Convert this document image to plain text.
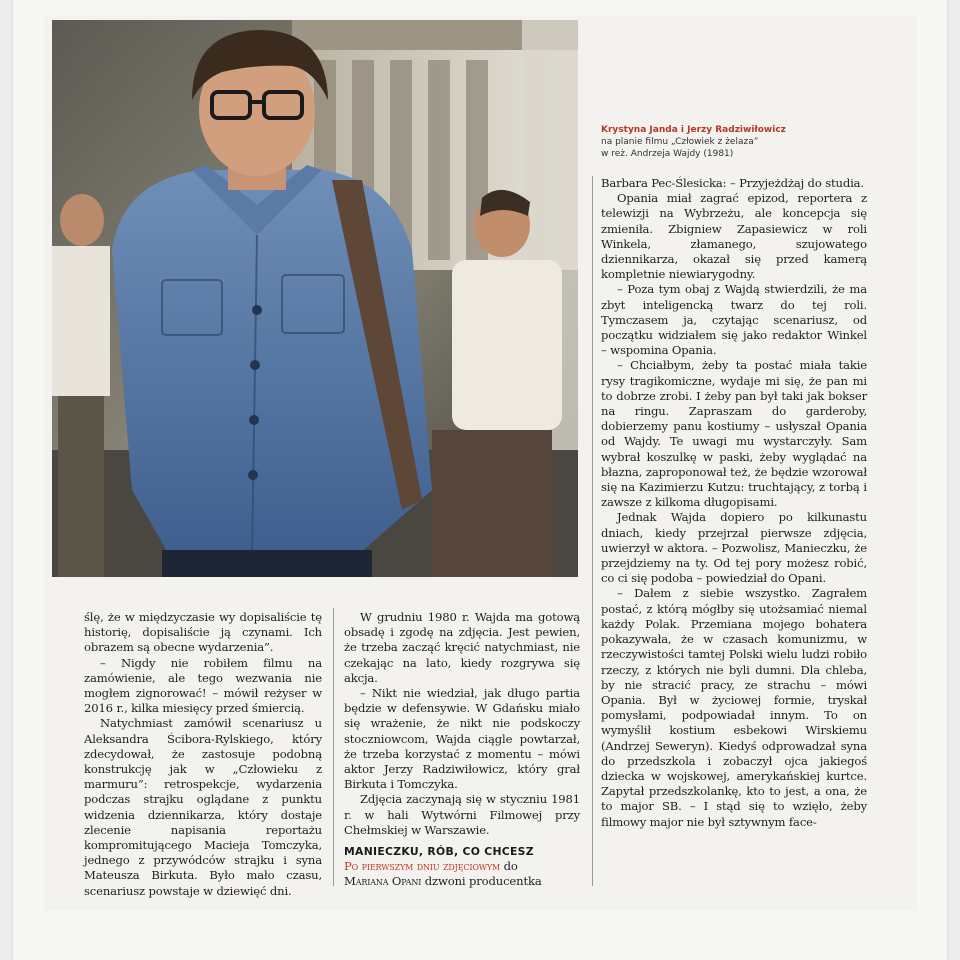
Krystyna Janda i Jerzy Radziwiłowicz
na planie filmu „Człowiek z żelaza”
w reż. Andrzeja Wajdy (1981)

ślę, że w międzyczasie wy dopisaliście tę historię, dopisaliście ją czynami. Ich obrazem są obecne wydarzenia”.

– Nigdy nie robiłem filmu na zamówienie, ale tego wezwania nie mogłem zignorować! – mówił reżyser w 2016 r., kilka miesięcy przed śmiercią.

Natychmiast zamówił scenariusz u Aleksandra Ścibora-Rylskiego, który zdecydował, że zastosuje podobną konstrukcję jak w „Człowieku z marmuru”: retrospekcje, wydarzenia podczas strajku oglądane z punktu widzenia dziennikarza, który dostaje zlecenie napisania reportażu kompromitującego Macieja Tomczyka, jednego z przywódców strajku i syna Mateusza Birkuta. Było mało czasu, scenariusz powstaje w dziewięć dni.

W grudniu 1980 r. Wajda ma gotową obsadę i zgodę na zdjęcia. Jest pewien, że trzeba zacząć kręcić natychmiast, nie czekając na lato, kiedy rozgrywa się akcja.

– Nikt nie wiedział, jak długo partia będzie w defensywie. W Gdańsku miało się wrażenie, że nikt nie podskoczy stoczniowcom, Wajda ciągle powtarzał, że trzeba korzystać z momentu – mówi aktor Jerzy Radziwiłowicz, który grał Birkuta i Tomczyka.

Zdjęcia zaczynają się w styczniu 1981 r. w hali Wytwórni Filmowej przy Chełmskiej w Warszawie.

MANIECZKU, RÓB, CO CHCESZ

Po pierwszym dniu zdjęciowym do

Mariana Opani dzwoni producentka

Barbara Pec-Ślesicka: – Przyjeżdżaj do studia.

Opania miał zagrać epizod, reportera z telewizji na Wybrzeżu, ale koncepcja się zmieniła. Zbigniew Zapasiewicz w roli Winkela, złamanego, szujowatego dziennikarza, okazał się przed kamerą kompletnie niewiarygodny.

– Poza tym obaj z Wajdą stwierdzili, że ma zbyt inteligencką twarz do tej roli. Tymczasem ja, czytając scenariusz, od początku widziałem się jako redaktor Winkel – wspomina Opania.

– Chciałbym, żeby ta postać miała takie rysy tragikomiczne, wydaje mi się, że pan mi to dobrze zrobi. I żeby pan był taki jak bokser na ringu. Zapraszam do garderoby, dobierzemy panu kostiumy – usłyszał Opania od Wajdy. Te uwagi mu wystarczyły. Sam wybrał koszulkę w paski, żeby wyglądać na błazna, zaproponował też, że będzie wzorował się na Kazimierzu Kutzu: truchtający, z torbą i zawsze z kilkoma długopisami.

Jednak Wajda dopiero po kilkunastu dniach, kiedy przejrzał pierwsze zdjęcia, uwierzył w aktora. – Pozwolisz, Manieczku, że przejdziemy na ty. Od tej pory możesz robić, co ci się podoba – powiedział do Opani.

– Dałem z siebie wszystko. Zagrałem postać, z którą mógłby się utożsamiać niemal każdy Polak. Przemiana mojego bohatera pokazywała, że w czasach komunizmu, w rzeczywistości tamtej Polski wielu ludzi robiło rzeczy, z których nie byli dumni. Dla chleba, by nie stracić pracy, ze strachu – mówi Opania. Był w życiowej formie, tryskał pomysłami, podpowiadał innym. To on wymyślił kostium esbekowi Wirskiemu (Andrzej Seweryn). Kiedyś odprowadzał syna do przedszkola i zobaczył ojca jakiegoś dziecka w wojskowej, amerykańskiej kurtce. Zapytał przedszkolankę, kto to jest, a ona, że to major SB. – I stąd się to wzięło, żeby filmowy major nie był sztywnym face-
